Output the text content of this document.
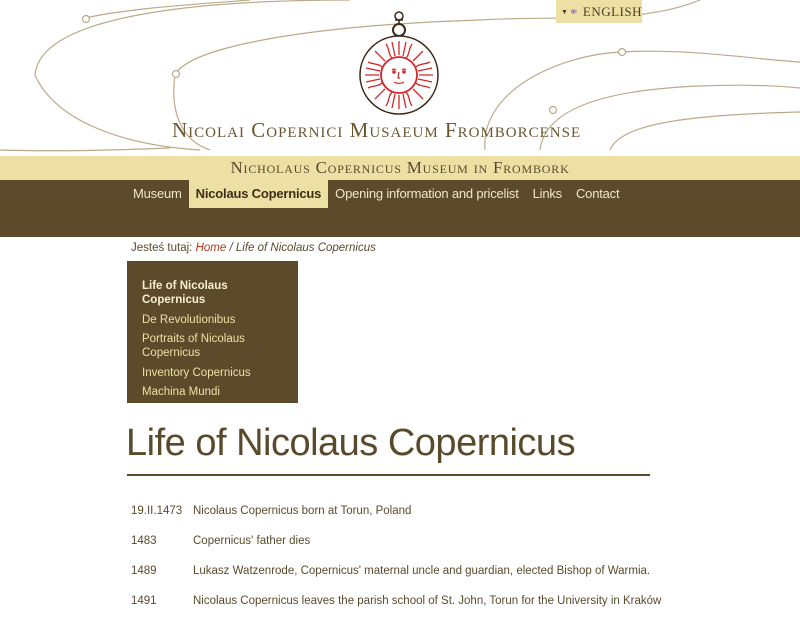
▼ ENGLISH
Nicolai Copernici Musaeum Fromborcense
Nicholaus Copernicus Museum in Frombork
Museum	Nicolaus Copernicus	Opening information and pricelist	Links	Contact
Jesteś tutaj: Home / Life of Nicolaus Copernicus
Life of Nicolaus Copernicus
De Revolutionibus
Portraits of Nicolaus Copernicus
Inventory Copernicus
Machina Mundi
Life of Nicolaus Copernicus
19.II.1473 Nicolaus Copernicus born at Torun, Poland
1483	Copernicus' father dies
1489	Lukasz Watzenrode, Copernicus' maternal uncle and guardian, elected Bishop of Warmia.
1491	Nicolaus Copernicus leaves the parish school of St. John, Torun for the University in Kraków
